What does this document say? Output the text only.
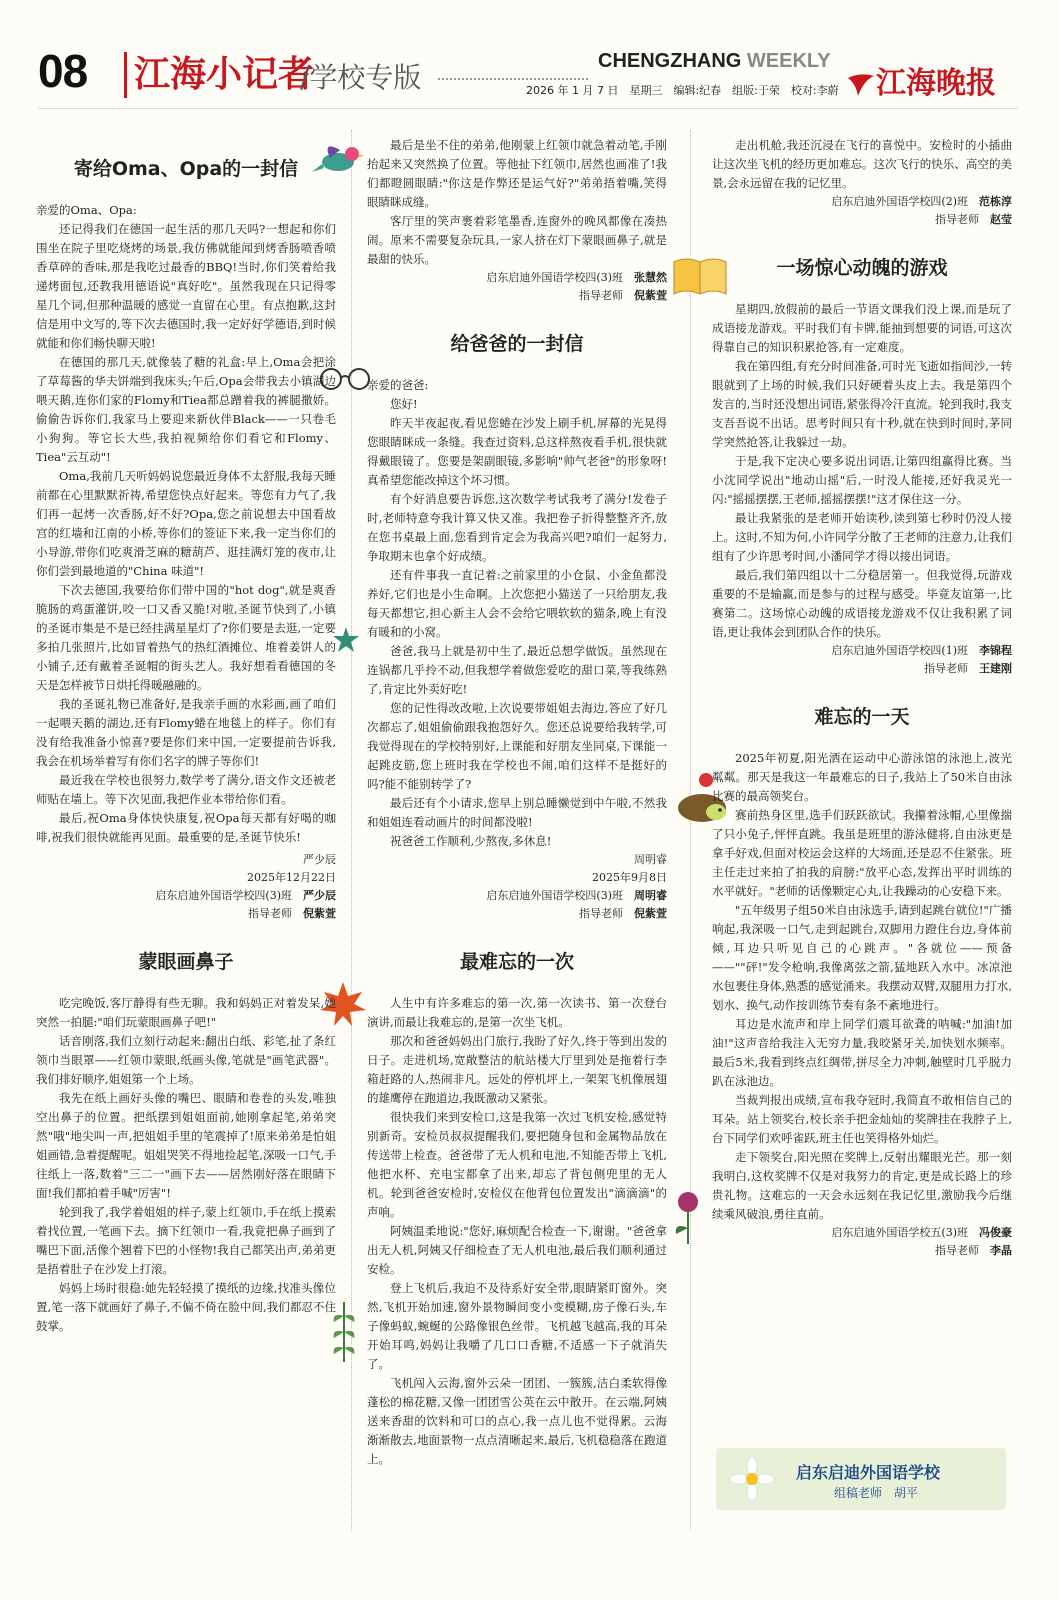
08 江海小记者
/学校专版	CHENGZHANG WEEKLY
2026 年 1 月 7 日　星期三　编辑:纪春　组版:于荣　校对:李蔚	江海晚报
寄给Oma、Opa的一封信

亲爱的Oma、Opa:

还记得我们在德国一起生活的那几天吗?一想起和你们围坐在院子里吃烧烤的场景,我仿佛就能闻到烤香肠喷香喷香草碎的香味,那是我吃过最香的BBQ!当时,你们笑着给我递烤面包,还教我用德语说"真好吃"。虽然我现在只记得零星几个词,但那种温暖的感觉一直留在心里。有点抱歉,这封信是用中文写的,等下次去德国时,我一定好好学德语,到时候就能和你们畅快聊天啦!

在德国的那几天,就像装了糖的礼盒:早上,Oma会把涂了草莓酱的华夫饼端到我床头;午后,Opa会带我去小镇湖边喂天鹅,连你们家的Flomy和Tiea都总蹭着我的裤腿撒娇。偷偷告诉你们,我家马上要迎来新伙伴Black——一只卷毛小狗狗。等它长大些,我拍视频给你们看它和Flomy、Tiea"云互动"!

Oma,我前几天听妈妈说您最近身体不太舒服,我每天睡前都在心里默默祈祷,希望您快点好起来。等您有力气了,我们再一起烤一次香肠,好不好?Opa,您之前说想去中国看故宫的红墙和江南的小桥,等你们的签证下来,我一定当你们的小导游,带你们吃爽滑芝麻的糖葫芦、逛挂满灯笼的夜市,让你们尝到最地道的"China 味道"!

下次去德国,我要给你们带中国的"hot dog",就是爽香脆肠的鸡蛋灌饼,咬一口又香又脆!对啦,圣诞节快到了,小镇的圣诞市集是不是已经挂满星星灯了?你们要是去逛,一定要多拍几张照片,比如冒着热气的热红酒摊位、堆着姜饼人的小铺子,还有戴着圣诞帽的街头艺人。我好想看看德国的冬天是怎样被节日烘托得暖融融的。

我的圣诞礼物已准备好,是我亲手画的水彩画,画了咱们一起喂天鹅的湖边,还有Flomy蜷在地毯上的样子。你们有没有给我准备小惊喜?要是你们来中国,一定要提前告诉我,我会在机场举着写有你们名字的牌子等你们!

最近我在学校也很努力,数学考了满分,语文作文还被老师贴在墙上。等下次见面,我把作业本带给你们看。

最后,祝Oma身体快快康复,祝Opa每天都有好喝的咖啡,祝我们很快就能再见面。最重要的是,圣诞节快乐!

严少辰

2025年12月22日

启东启迪外国语学校四(3)班　 严少辰

指导老师　 倪紫萱

蒙眼画鼻子

吃完晚饭,客厅静得有些无聊。我和妈妈正对着发呆,她突然一拍腿:"咱们玩蒙眼画鼻子吧!"

话音刚落,我们立刻行动起来:翻出白纸、彩笔,扯了条红领巾当眼罩——红领巾蒙眼,纸画头像,笔就是"画笔武器"。我们排好顺序,姐姐第一个上场。

我先在纸上画好头像的嘴巴、眼睛和卷卷的头发,唯独空出鼻子的位置。把纸摆到姐姐面前,她刚拿起笔,弟弟突然"哦"地尖叫一声,把姐姐手里的笔震掉了!原来弟弟是怕姐姐画错,急着提醒呢。姐姐哭笑不得地捡起笔,深吸一口气,手往纸上一落,数着"三二一"画下去——居然刚好落在眼睛下面!我们都拍着手喊"厉害"!

轮到我了,我学着姐姐的样子,蒙上红领巾,手在纸上摸索着找位置,一笔画下去。摘下红领巾一看,我竟把鼻子画到了嘴巴下面,活像个翘着下巴的小怪物!我自己都笑出声,弟弟更是捂着肚子在沙发上打滚。

妈妈上场时很稳:她先轻轻摸了摸纸的边缘,找准头像位置,笔一落下就画好了鼻子,不偏不倚在脸中间,我们都忍不住鼓掌。

最后是坐不住的弟弟,他刚蒙上红领巾就急着动笔,手刚抬起来又突然换了位置。等他扯下红领巾,居然也画准了!我们都瞪圆眼睛:"你这是作弊还是运气好?"弟弟捂着嘴,笑得眼睛眯成缝。

客厅里的笑声裹着彩笔墨香,连窗外的晚风都像在凑热闹。原来不需要复杂玩具,一家人挤在灯下蒙眼画鼻子,就是最甜的快乐。

启东启迪外国语学校四(3)班　 张慧然

指导老师　 倪紫萱

给爸爸的一封信

亲爱的爸爸:

您好!

昨天半夜起夜,看见您蜷在沙发上刷手机,屏幕的光晃得您眼睛眯成一条缝。我查过资料,总这样熬夜看手机,很快就得戴眼镜了。您要是架副眼镜,多影响"帅气老爸"的形象呀!真希望您能改掉这个坏习惯。

有个好消息要告诉您,这次数学考试我考了满分!发卷子时,老师特意夸我计算又快又准。我把卷子折得整整齐齐,放在您书桌最上面,您看到肯定会为我高兴吧?咱们一起努力,争取期末也拿个好成绩。

还有件事我一直记着:之前家里的小仓鼠、小金鱼都没养好,它们也是小生命啊。上次您把小猫送了一只给朋友,我每天都想它,担心新主人会不会给它喂软软的猫条,晚上有没有暖和的小窝。

爸爸,我马上就是初中生了,最近总想学做饭。虽然现在连锅都几乎拎不动,但我想学着做您爱吃的甜口菜,等我练熟了,肯定比外卖好吃!

您的记性得改改啦,上次说要带姐姐去海边,答应了好几次都忘了,姐姐偷偷跟我抱怨好久。您还总说要给我转学,可我觉得现在的学校特别好,上课能和好朋友坐同桌,下课能一起跳皮筋,您上班时我在学校也不闹,咱们这样不是挺好的吗?能不能别转学了?

最后还有个小请求,您早上别总睡懒觉到中午啦,不然我和姐姐连看动画片的时间都没啦!

祝爸爸工作顺利,少熬夜,多休息!

周明睿

2025年9月8日

启东启迪外国语学校四(3)班　 周明睿

指导老师　 倪紫萱

最难忘的一次

人生中有许多难忘的第一次,第一次读书、第一次登台演讲,而最让我难忘的,是第一次坐飞机。

那次和爸爸妈妈出门旅行,我盼了好久,终于等到出发的日子。走进机场,宽敞整洁的航站楼大厅里到处是拖着行李箱赶路的人,热闹非凡。远处的停机坪上,一架架飞机像展翅的雄鹰停在跑道边,我既激动又紧张。

很快我们来到安检口,这是我第一次过飞机安检,感觉特别新奇。安检员叔叔提醒我们,要把随身包和金属物品放在传送带上检查。爸爸带了无人机和电池,不知能否带上飞机,他把水杯、充电宝都拿了出来,却忘了背包侧兜里的无人机。轮到爸爸安检时,安检仪在他背包位置发出"滴滴滴"的声响。

阿姨温柔地说:"您好,麻烦配合检查一下,谢谢。"爸爸拿出无人机,阿姨又仔细检查了无人机电池,最后我们顺利通过安检。

登上飞机后,我迫不及待系好安全带,眼睛紧盯窗外。突然,飞机开始加速,窗外景物瞬间变小变模糊,房子像石头,车子像蚂蚁,蜿蜒的公路像银色丝带。飞机越飞越高,我的耳朵开始耳鸣,妈妈让我嚼了几口口香糖,不适感一下子就消失了。

飞机闯入云海,窗外云朵一团团、一簇簇,洁白柔软得像蓬松的棉花糖,又像一团团雪公英在云中散开。在云端,阿姨送来香甜的饮料和可口的点心,我一点儿也不觉得累。云海渐渐散去,地面景物一点点清晰起来,最后,飞机稳稳落在跑道上。

走出机舱,我还沉浸在飞行的喜悦中。安检时的小插曲让这次坐飞机的经历更加难忘。这次飞行的快乐、高空的美景,会永远留在我的记忆里。

启东启迪外国语学校四(2)班　 范栋淳

指导老师　 赵莹

一场惊心动魄的游戏

星期四,放假前的最后一节语文课我们没上课,而是玩了成语接龙游戏。平时我们有卡牌,能抽到想要的词语,可这次得靠自己的知识积累抢答,有一定难度。

我在第四组,有充分时间准备,可时光飞逝如指间沙,一转眼就到了上场的时候,我们只好硬着头皮上去。我是第四个发言的,当时还没想出词语,紧张得冷汗直流。轮到我时,我支支吾吾说不出话。思考时间只有十秒,就在快到时间时,茅同学突然抢答,让我躲过一劫。

于是,我下定决心要多说出词语,让第四组赢得比赛。当小沈同学说出"地动山摇"后,一时没人能接,还好我灵光一闪:"摇摇摆摆,王老师,摇摇摆摆!"这才保住这一分。

最让我紧张的是老师开始读秒,读到第七秒时仍没人接上。这时,不知为何,小许同学分散了王老师的注意力,让我们组有了少许思考时间,小潘同学才得以接出词语。

最后,我们第四组以十二分稳居第一。但我觉得,玩游戏重要的不是输赢,而是参与的过程与感受。毕竟友谊第一,比赛第二。这场惊心动魄的成语接龙游戏不仅让我积累了词语,更让我体会到团队合作的快乐。

启东启迪外国语学校四(1)班　 李锦程

指导老师　 王建刚

难忘的一天

2025年初夏,阳光洒在运动中心游泳馆的泳池上,波光粼粼。那天是我这一年最难忘的日子,我站上了50米自由泳比赛的最高领奖台。

赛前热身区里,选手们跃跃欲试。我攥着泳帽,心里像揣了只小兔子,怦怦直跳。我虽是班里的游泳健将,自由泳更是拿手好戏,但面对校运会这样的大场面,还是忍不住紧张。班主任走过来拍了拍我的肩膀:"放平心态,发挥出平时训练的水平就好。"老师的话像颗定心丸,让我躁动的心安稳下来。

"五年级男子组50米自由泳选手,请到起跳台就位!"广播响起,我深吸一口气,走到起跳台,双脚用力蹬住台边,身体前倾,耳边只听见自己的心跳声。"各就位——预备——""砰!"发令枪响,我像离弦之箭,猛地跃入水中。冰凉池水包裹住身体,熟悉的感觉涌来。我摆动双臂,双腿用力打水,划水、换气,动作按训练节奏有条不紊地进行。

耳边是水流声和岸上同学们震耳欲聋的呐喊:"加油!加油!"这声音给我注入无穷力量,我咬紧牙关,加快划水频率。最后5米,我看到终点红绸带,拼尽全力冲刺,触壁时几乎脱力趴在泳池边。

当裁判报出成绩,宣布我夺冠时,我简直不敢相信自己的耳朵。站上领奖台,校长亲手把金灿灿的奖牌挂在我脖子上,台下同学们欢呼雀跃,班主任也笑得格外灿烂。

走下领奖台,阳光照在奖牌上,反射出耀眼光芒。那一刻我明白,这枚奖牌不仅是对我努力的肯定,更是成长路上的珍贵礼物。这难忘的一天会永远刻在我记忆里,激励我今后继续乘风破浪,勇往直前。

启东启迪外国语学校五(3)班　 冯俊豪

指导老师　 李晶

启东启迪外国语学校
组稿老师　胡平
